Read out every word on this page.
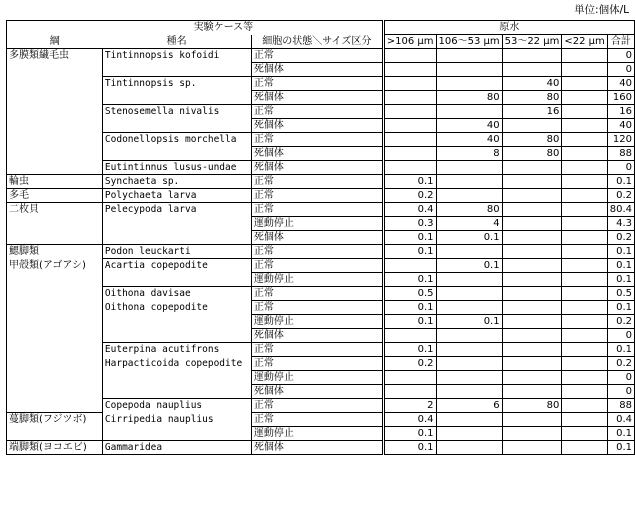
単位:個体/L
実験ケース等			原水				
綱	種名	細胞の状態＼サイズ区分	>106 μm	106～53 μm	53～22 μm	<22 μm	合計
多膜類繊毛虫	Tintinnopsis kofoidi	正常					0
		死個体					0
	Tintinnopsis sp.	正常			40		40
		死個体		80	80		160
	Stenosemella nivalis	正常			16		16
		死個体		40			40
	Codonellopsis morchella	正常		40	80		120
		死個体		8	80		88
	Eutintinnus lusus-undae	死個体					0
輪虫	Synchaeta sp.	正常	0.1				0.1
多毛	Polychaeta larva	正常	0.2				0.2
二枚貝	Pelecypoda larva	正常	0.4	80			80.4
		運動停止	0.3	4			4.3
		死個体	0.1	0.1			0.2
鰓脚類	Podon leuckarti	正常	0.1				0.1
甲殻類(アゴアシ)	Acartia copepodite	正常		0.1			0.1
		運動停止	0.1				0.1
	Oithona davisae	正常	0.5				0.5
	Oithona copepodite	正常	0.1				0.1
		運動停止	0.1	0.1			0.2
		死個体					0
	Euterpina acutifrons	正常	0.1				0.1
	Harpacticoida copepodite	正常	0.2				0.2
		運動停止					0
		死個体					0
	Copepoda nauplius	正常	2	6	80		88
蔓脚類(フジツボ)	Cirripedia nauplius	正常	0.4				0.4
		運動停止	0.1				0.1
端脚類(ヨコエビ)	Gammaridea	死個体	0.1				0.1
